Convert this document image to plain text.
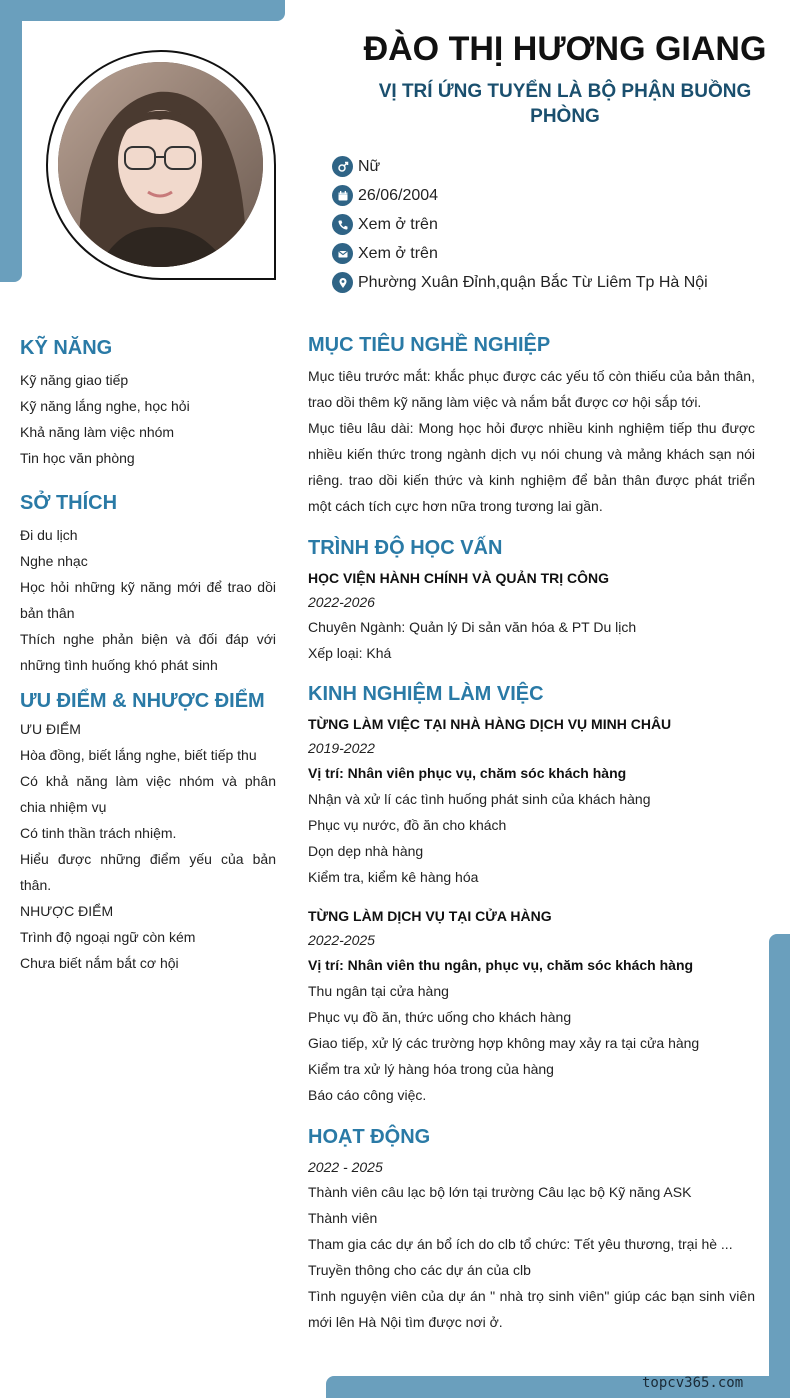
ĐÀO THỊ HƯƠNG GIANG
VỊ TRÍ ỨNG TUYỂN LÀ BỘ PHẬN BUỒNG PHÒNG
Nữ
26/06/2004
Xem ở trên
Xem ở trên
Phường Xuân Đỉnh,quận Bắc Từ Liêm Tp Hà Nội
KỸ NĂNG

Kỹ năng giao tiếp

Kỹ năng lắng nghe, học hỏi

Khả năng làm việc nhóm

Tin học văn phòng

SỞ THÍCH

Đi du lịch

Nghe nhạc

Học hỏi những kỹ năng mới để trao dồi bản thân

Thích nghe phản biện và đối đáp với những tình huống khó phát sinh

ƯU ĐIỂM & NHƯỢC ĐIỂM

ƯU ĐIỂM

Hòa đồng, biết lắng nghe, biết tiếp thu

Có khả năng làm việc nhóm và phân chia nhiệm vụ

Có tinh thần trách nhiệm.

Hiểu được những điểm yếu của bản thân.

NHƯỢC ĐIỂM

Trình độ ngoại ngữ còn kém

Chưa biết nắm bắt cơ hội

MỤC TIÊU NGHỀ NGHIỆP

Mục tiêu trước mắt: khắc phục được các yếu tố còn thiếu của bản thân, trao dồi thêm kỹ năng làm việc và nắm bắt được cơ hội sắp tới.

Mục tiêu lâu dài: Mong học hỏi được nhiều kinh nghiệm tiếp thu được nhiều kiến thức trong ngành dịch vụ nói chung và mảng khách sạn nói riêng. trao dồi kiến thức và kinh nghiệm để bản thân được phát triển một cách tích cực hơn nữa trong tương lai gần.

TRÌNH ĐỘ HỌC VẤN
HỌC VIỆN HÀNH CHÍNH VÀ QUẢN TRỊ CÔNG
2022-2026

Chuyên Ngành: Quản lý Di sản văn hóa & PT Du lịch

Xếp loại: Khá

KINH NGHIỆM LÀM VIỆC
TỪNG LÀM VIỆC TẠI NHÀ HÀNG DỊCH VỤ MINH CHÂU
2019-2022
Vị trí: Nhân viên phục vụ, chăm sóc khách hàng

Nhận và xử lí các tình huống phát sinh của khách hàng

Phục vụ nước, đồ ăn cho khách

Dọn dẹp nhà hàng

Kiểm tra, kiểm kê hàng hóa

TỪNG LÀM DỊCH VỤ TẠI CỬA HÀNG
2022-2025
Vị trí: Nhân viên thu ngân, phục vụ, chăm sóc khách hàng

Thu ngân tại cửa hàng

Phục vụ đồ ăn, thức uống cho khách hàng

Giao tiếp, xử lý các trường hợp không may xảy ra tại cửa hàng

Kiểm tra xử lý hàng hóa trong của hàng

Báo cáo công việc.

HOẠT ĐỘNG
2022 - 2025

Thành viên câu lạc bộ lớn tại trường Câu lạc bộ Kỹ năng ASK

Thành viên

Tham gia các dự án bổ ích do clb tổ chức: Tết yêu thương, trại hè ...

Truyền thông cho các dự án của clb

Tình nguyện viên của dự án " nhà trọ sinh viên" giúp các bạn sinh viên mới lên Hà Nội tìm được nơi ở.

topcv365.com
